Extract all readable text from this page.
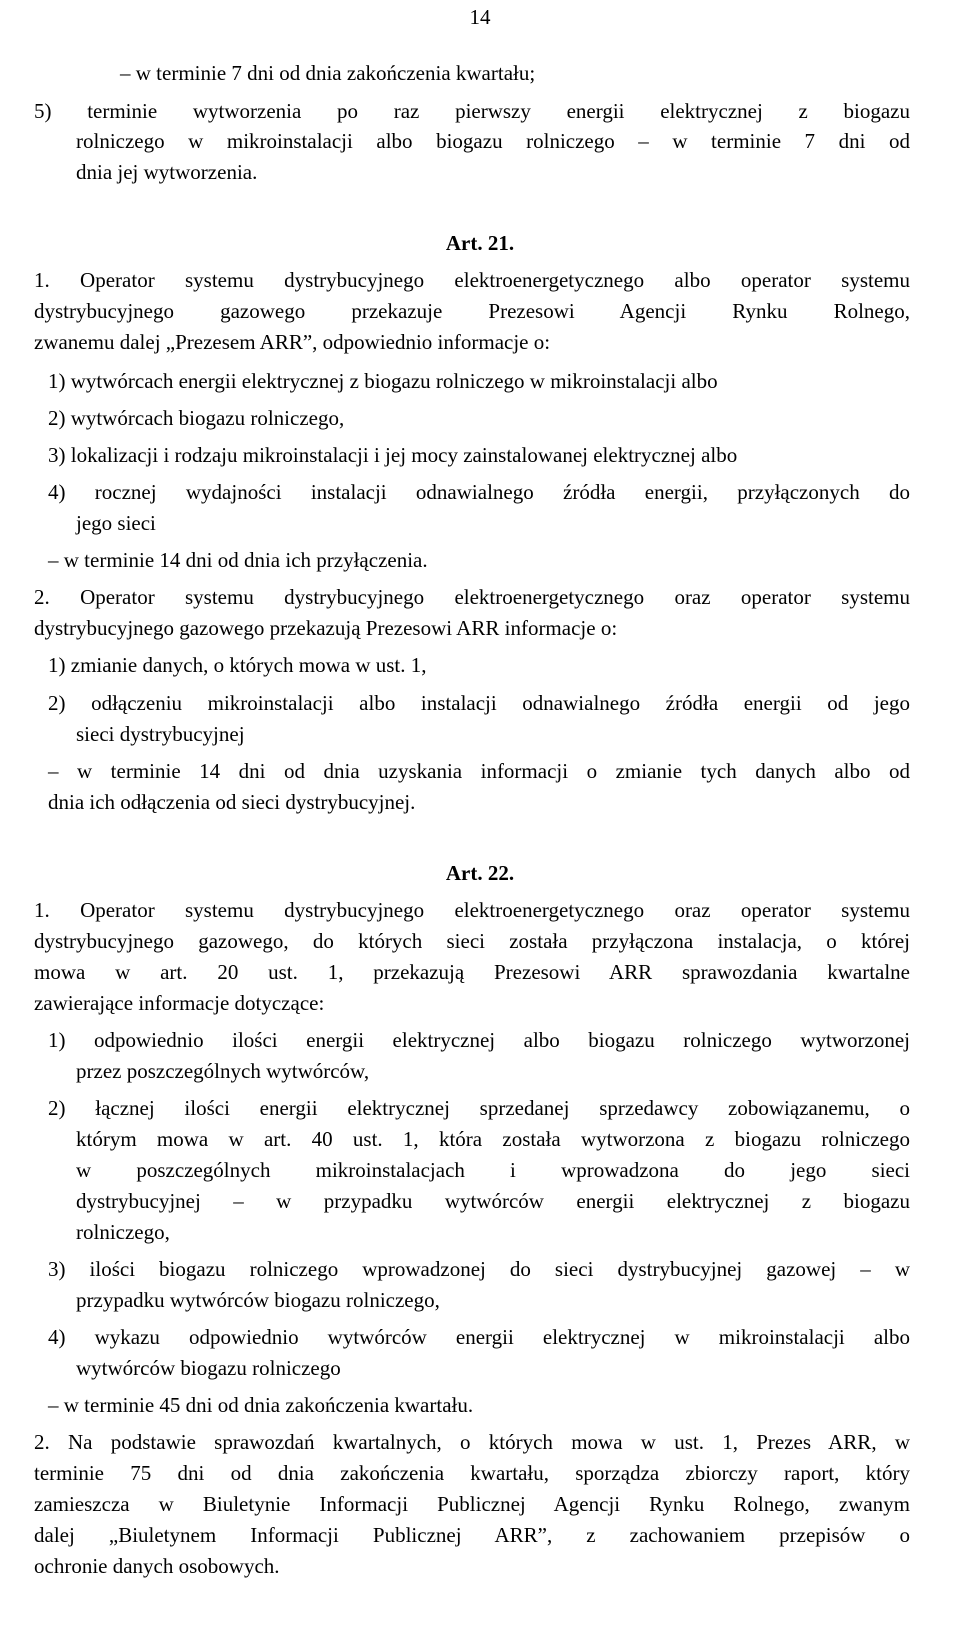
14
– w terminie 7 dni od dnia zakończenia kwartału;
5) terminie wytworzenia po raz pierwszy energii elektrycznej z biogazu
rolniczego w mikroinstalacji albo biogazu rolniczego – w terminie 7 dni od
dnia jej wytworzenia.
Art. 21.
1. Operator systemu dystrybucyjnego elektroenergetycznego albo operator systemu
dystrybucyjnego gazowego przekazuje Prezesowi Agencji Rynku Rolnego,
zwanemu dalej „Prezesem ARR”, odpowiednio informacje o:
1) wytwórcach energii elektrycznej z biogazu rolniczego w mikroinstalacji albo
2) wytwórcach biogazu rolniczego,
3) lokalizacji i rodzaju mikroinstalacji i jej mocy zainstalowanej elektrycznej albo
4) rocznej wydajności instalacji odnawialnego źródła energii, przyłączonych do
jego sieci
– w terminie 14 dni od dnia ich przyłączenia.
2. Operator systemu dystrybucyjnego elektroenergetycznego oraz operator systemu
dystrybucyjnego gazowego przekazują Prezesowi ARR informacje o:
1) zmianie danych, o których mowa w ust. 1,
2) odłączeniu mikroinstalacji albo instalacji odnawialnego źródła energii od jego
sieci dystrybucyjnej
– w terminie 14 dni od dnia uzyskania informacji o zmianie tych danych albo od
dnia ich odłączenia od sieci dystrybucyjnej.
Art. 22.
1. Operator systemu dystrybucyjnego elektroenergetycznego oraz operator systemu
dystrybucyjnego gazowego, do których sieci została przyłączona instalacja, o której
mowa w art. 20 ust. 1, przekazują Prezesowi ARR sprawozdania kwartalne
zawierające informacje dotyczące:
1) odpowiednio ilości energii elektrycznej albo biogazu rolniczego wytworzonej
przez poszczególnych wytwórców,
2) łącznej ilości energii elektrycznej sprzedanej sprzedawcy zobowiązanemu, o
którym mowa w art. 40 ust. 1, która została wytworzona z biogazu rolniczego
w poszczególnych mikroinstalacjach i wprowadzona do jego sieci
dystrybucyjnej – w przypadku wytwórców energii elektrycznej z biogazu
rolniczego,
3) ilości biogazu rolniczego wprowadzonej do sieci dystrybucyjnej gazowej – w
przypadku wytwórców biogazu rolniczego,
4) wykazu odpowiednio wytwórców energii elektrycznej w mikroinstalacji albo
wytwórców biogazu rolniczego
– w terminie 45 dni od dnia zakończenia kwartału.
2. Na podstawie sprawozdań kwartalnych, o których mowa w ust. 1, Prezes ARR, w
terminie 75 dni od dnia zakończenia kwartału, sporządza zbiorczy raport, który
zamieszcza w Biuletynie Informacji Publicznej Agencji Rynku Rolnego, zwanym
dalej „Biuletynem Informacji Publicznej ARR”, z zachowaniem przepisów o
ochronie danych osobowych.
